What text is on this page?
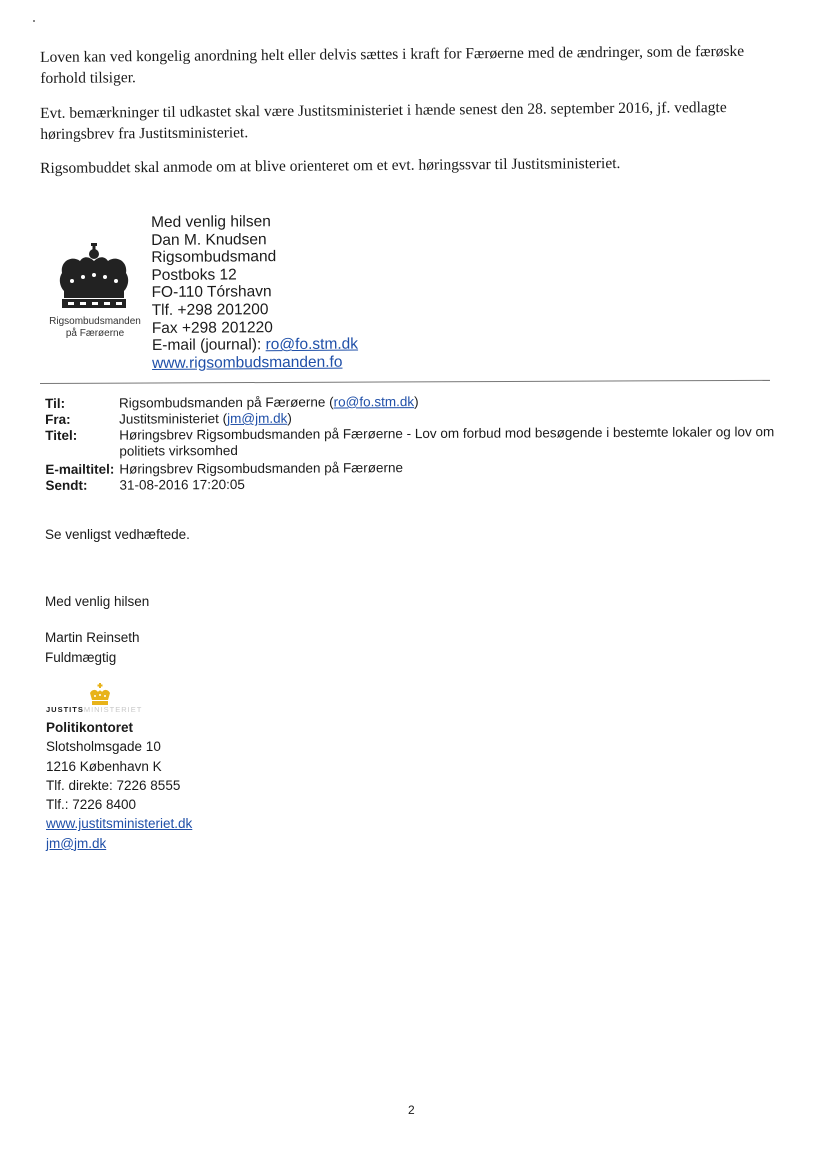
Loven kan ved kongelig anordning helt eller delvis sættes i kraft for Færøerne med de ændringer, som de færøske forhold tilsiger.
Evt. bemærkninger til udkastet skal være Justitsministeriet i hænde senest den 28. september 2016, jf. vedlagte høringsbrev fra Justitsministeriet.
Rigsombuddet skal anmode om at blive orienteret om et evt. høringssvar til Justitsministeriet.
Rigsombudsmanden
på Færøerne
Med venlig hilsen
Dan M. Knudsen
Rigsombudsmand
Postboks 12
FO-110 Tórshavn
Tlf. +298 201200
Fax +298 201220
E-mail (journal): ro@fo.stm.dk
www.rigsombudsmanden.fo
Til:	Rigsombudsmanden på Færøerne (ro@fo.stm.dk)
Fra:	Justitsministeriet (jm@jm.dk)
Titel:	Høringsbrev Rigsombudsmanden på Færøerne - Lov om forbud mod besøgende i bestemte lokaler og lov om politiets virksomhed
E-mailtitel: Høringsbrev Rigsombudsmanden på Færøerne
Sendt:	31-08-2016 17:20:05
Se venligst vedhæftede.
Med venlig hilsen
Martin Reinseth
Fuldmægtig
JUSTITSMINISTERIET
Politikontoret
Slotsholmsgade 10
1216 København K
Tlf. direkte: 7226 8555
Tlf.: 7226 8400
www.justitsministeriet.dk
jm@jm.dk
2
